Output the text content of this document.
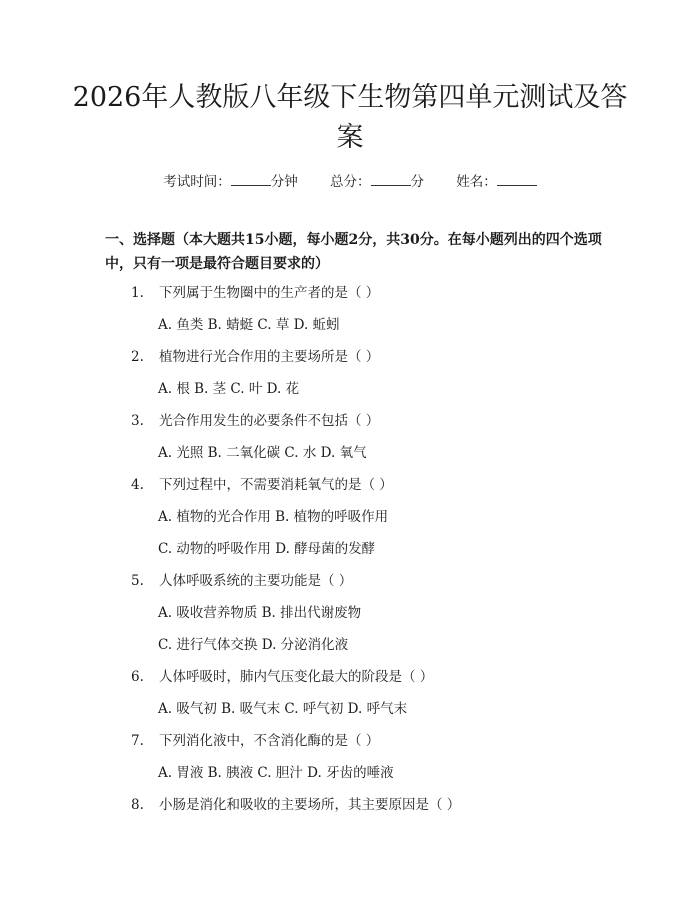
2026年人教版八年级下生物第四单元测试及答案
考试时间：	分钟 总分：	分 姓名：
一、选择题（本大题共15小题，每小题2分，共30分。在每小题列出的四个选项中，只有一项是最符合题目要求的）
1. 下列属于生物圈中的生产者的是（ ）
A. 鱼类 B. 蜻蜓 C. 草 D. 蚯蚓
2. 植物进行光合作用的主要场所是（ ）
A. 根 B. 茎 C. 叶 D. 花
3. 光合作用发生的必要条件不包括（ ）
A. 光照 B. 二氧化碳 C. 水 D. 氧气
4. 下列过程中，不需要消耗氧气的是（ ）
A. 植物的光合作用 B. 植物的呼吸作用
C. 动物的呼吸作用 D. 酵母菌的发酵
5. 人体呼吸系统的主要功能是（ ）
A. 吸收营养物质 B. 排出代谢废物
C. 进行气体交换 D. 分泌消化液
6. 人体呼吸时，肺内气压变化最大的阶段是（ ）
A. 吸气初 B. 吸气末 C. 呼气初 D. 呼气末
7. 下列消化液中，不含消化酶的是（ ）
A. 胃液 B. 胰液 C. 胆汁 D. 牙齿的唾液
8. 小肠是消化和吸收的主要场所，其主要原因是（ ）
